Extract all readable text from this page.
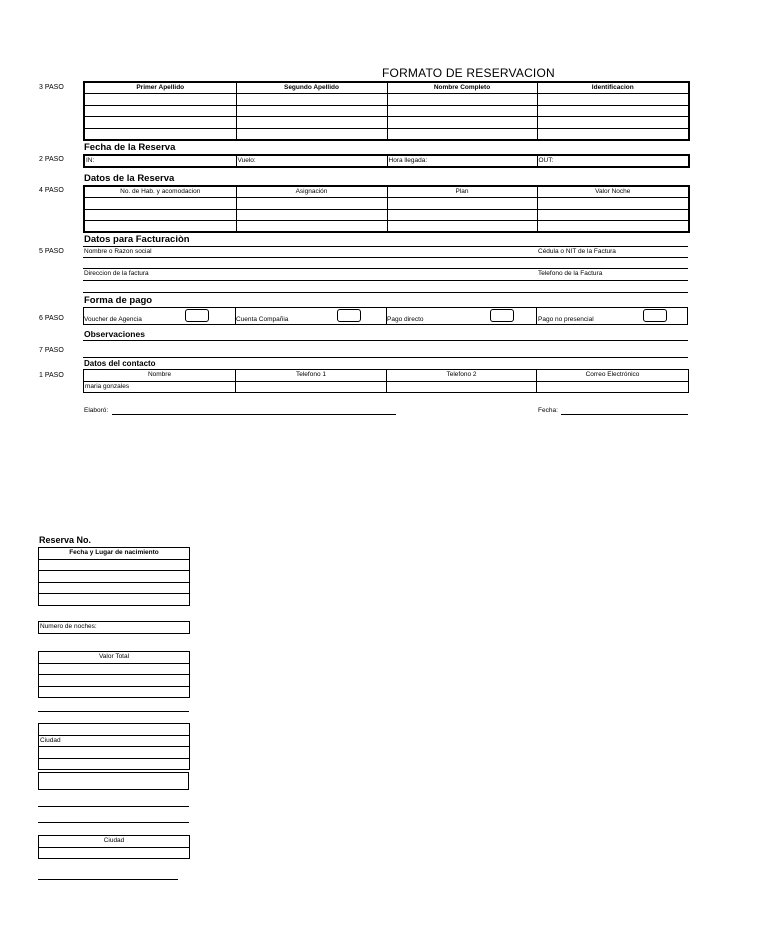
FORMATO DE RESERVACION
3 PASO
2 PASO
4 PASO
5 PASO
6 PASO
7 PASO
1 PASO
Primer Apellido	Segundo Apellido	Nombre Completo	Identificacion

Fecha de la Reserva
IN:	Vuelo:	Hora llegada:	OUT:
Datos de la Reserva
No. de Hab. y acomodacion	Asignación	Plan	Valor Noche

Datos para Facturaciòn
Nombre o Razon social	Cédula o NIT de la Factura
Direccion de la factura	Telefono de la Factura
Forma de pago
Voucher de Agencia	Cuenta Compañia	Pago directo	Pago no presencial
Observaciones
Datos del contacto
Nombre	Telefono 1	Telefono 2	Correo Electrónico
maria gonzales			
Elaboró:	Fecha:
Reserva No.
Fecha y Lugar de nacimiento

Numero de noches:
Valor Total

Ciudad

Ciudad
